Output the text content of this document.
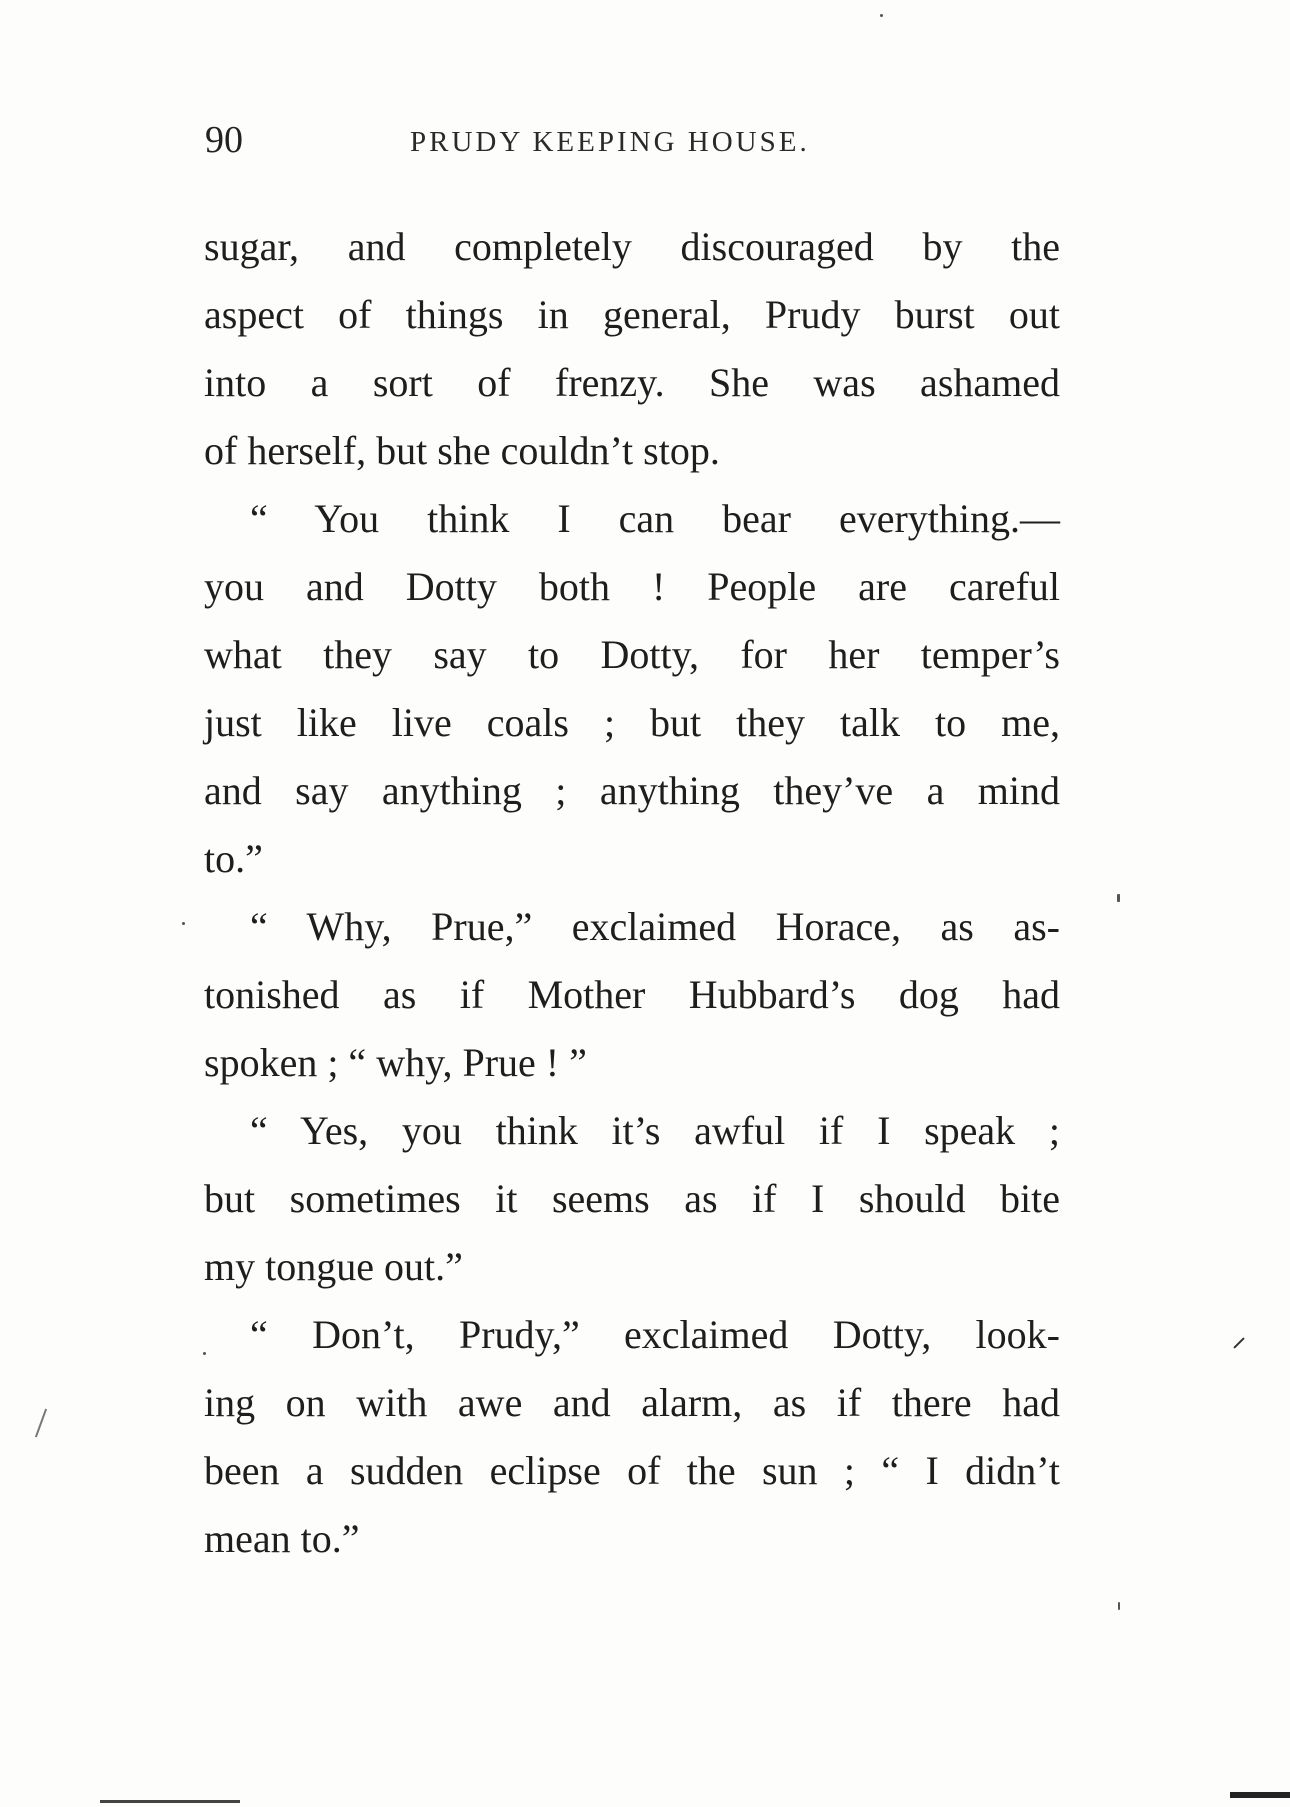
90	PRUDY KEEPING HOUSE.
sugar, and completely discouraged by the
aspect of things in general, Prudy burst out
into a sort of frenzy. She was ashamed
of herself, but she couldn’t stop.
“ You think I can bear everything.—
you and Dotty both ! People are careful
what they say to Dotty, for her temper’s
just like live coals ; but they talk to me,
and say anything ; anything they’ve a mind
to.”
“ Why, Prue,” exclaimed Horace, as as-
tonished as if Mother Hubbard’s dog had
spoken ; “ why, Prue ! ”
“ Yes, you think it’s awful if I speak ;
but sometimes it seems as if I should bite
my tongue out.”
“ Don’t, Prudy,” exclaimed Dotty, look-
ing on with awe and alarm, as if there had
been a sudden eclipse of the sun ; “ I didn’t
mean to.”
